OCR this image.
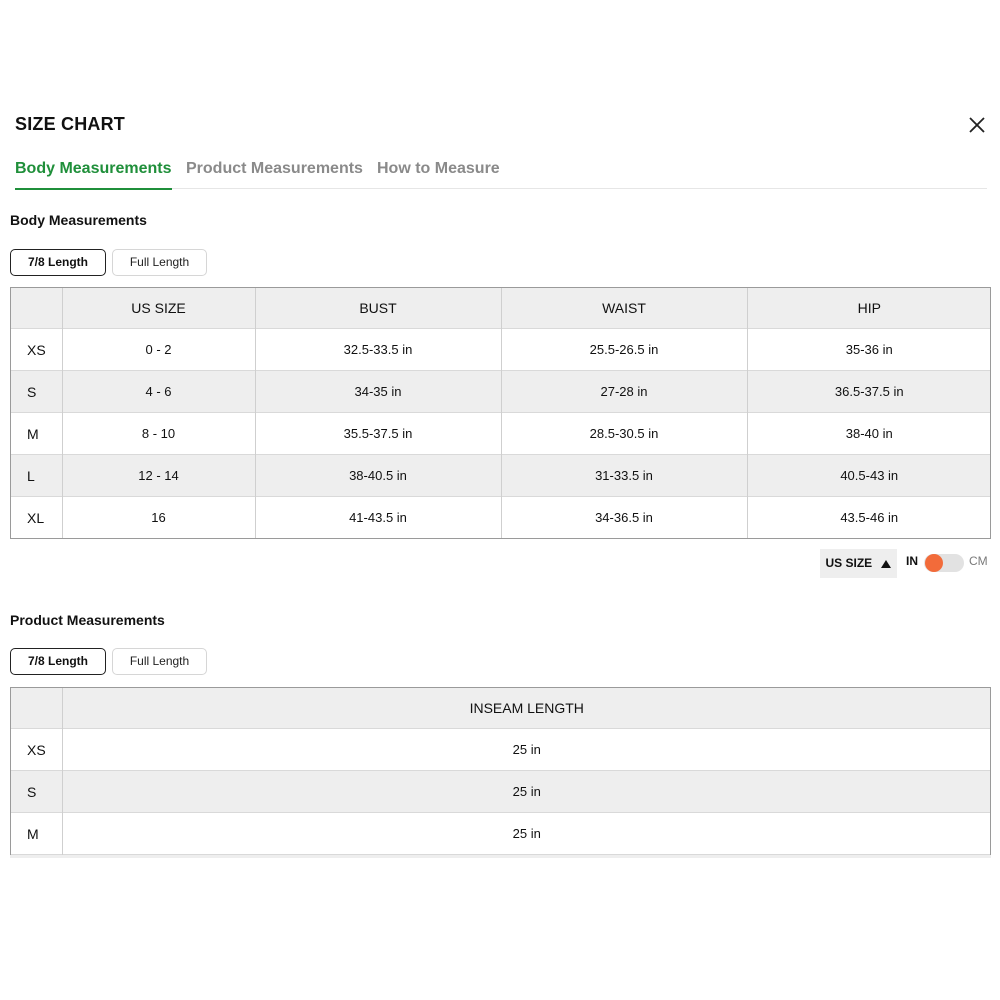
SIZE CHART
Body Measurements Product Measurements How to Measure
Body Measurements
7/8 Length	Full Length
	US SIZE	BUST	WAIST	HIP
XS	0 - 2	32.5-33.5 in	25.5-26.5 in	35-36 in
S	4 - 6	34-35 in	27-28 in	36.5-37.5 in
M	8 - 10	35.5-37.5 in	28.5-30.5 in	38-40 in
L	12 - 14	38-40.5 in	31-33.5 in	40.5-43 in
XL	16	41-43.5 in	34-36.5 in	43.5-46 in
US SIZE	IN	CM
Product Measurements
7/8 Length	Full Length
	INSEAM LENGTH
XS	25 in
S	25 in
M	25 in
